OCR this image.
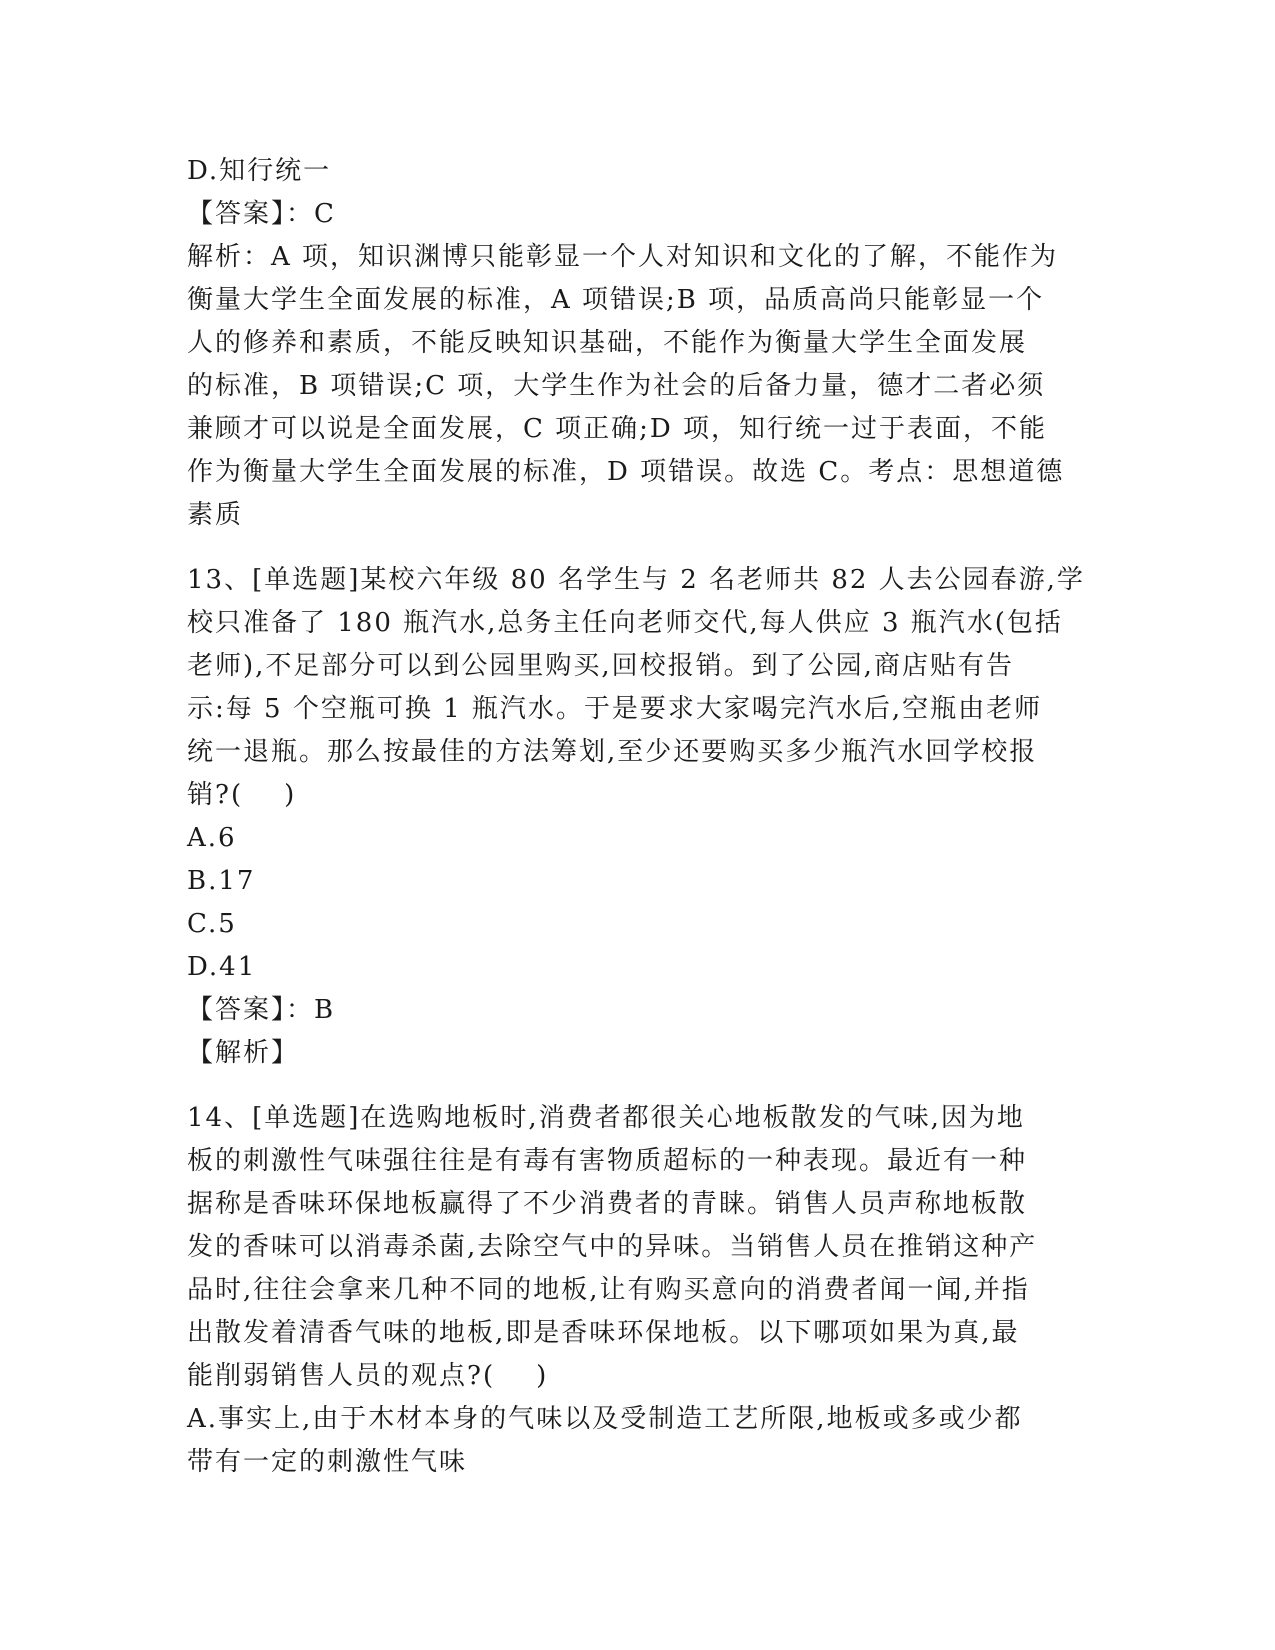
D.知行统一
【答案】：C
解析：A 项，知识渊博只能彰显一个人对知识和文化的了解，不能作为
衡量大学生全面发展的标准，A 项错误;B 项，品质高尚只能彰显一个
人的修养和素质，不能反映知识基础，不能作为衡量大学生全面发展
的标准，B 项错误;C 项，大学生作为社会的后备力量，德才二者必须
兼顾才可以说是全面发展，C 项正确;D 项，知行统一过于表面，不能
作为衡量大学生全面发展的标准，D 项错误。故选 C。考点：思想道德
素质
13、[单选题]某校六年级 80 名学生与 2 名老师共 82 人去公园春游,学
校只准备了 180 瓶汽水,总务主任向老师交代,每人供应 3 瓶汽水(包括
老师),不足部分可以到公园里购买,回校报销。到了公园,商店贴有告
示:每 5 个空瓶可换 1 瓶汽水。于是要求大家喝完汽水后,空瓶由老师
统一退瓶。那么按最佳的方法筹划,至少还要购买多少瓶汽水回学校报
销?(    )
A.6
B.17
C.5
D.41
【答案】：B
【解析】
14、[单选题]在选购地板时,消费者都很关心地板散发的气味,因为地
板的刺激性气味强往往是有毒有害物质超标的一种表现。最近有一种
据称是香味环保地板赢得了不少消费者的青睐。销售人员声称地板散
发的香味可以消毒杀菌,去除空气中的异味。当销售人员在推销这种产
品时,往往会拿来几种不同的地板,让有购买意向的消费者闻一闻,并指
出散发着清香气味的地板,即是香味环保地板。以下哪项如果为真,最
能削弱销售人员的观点?(    )
A.事实上,由于木材本身的气味以及受制造工艺所限,地板或多或少都
带有一定的刺激性气味
